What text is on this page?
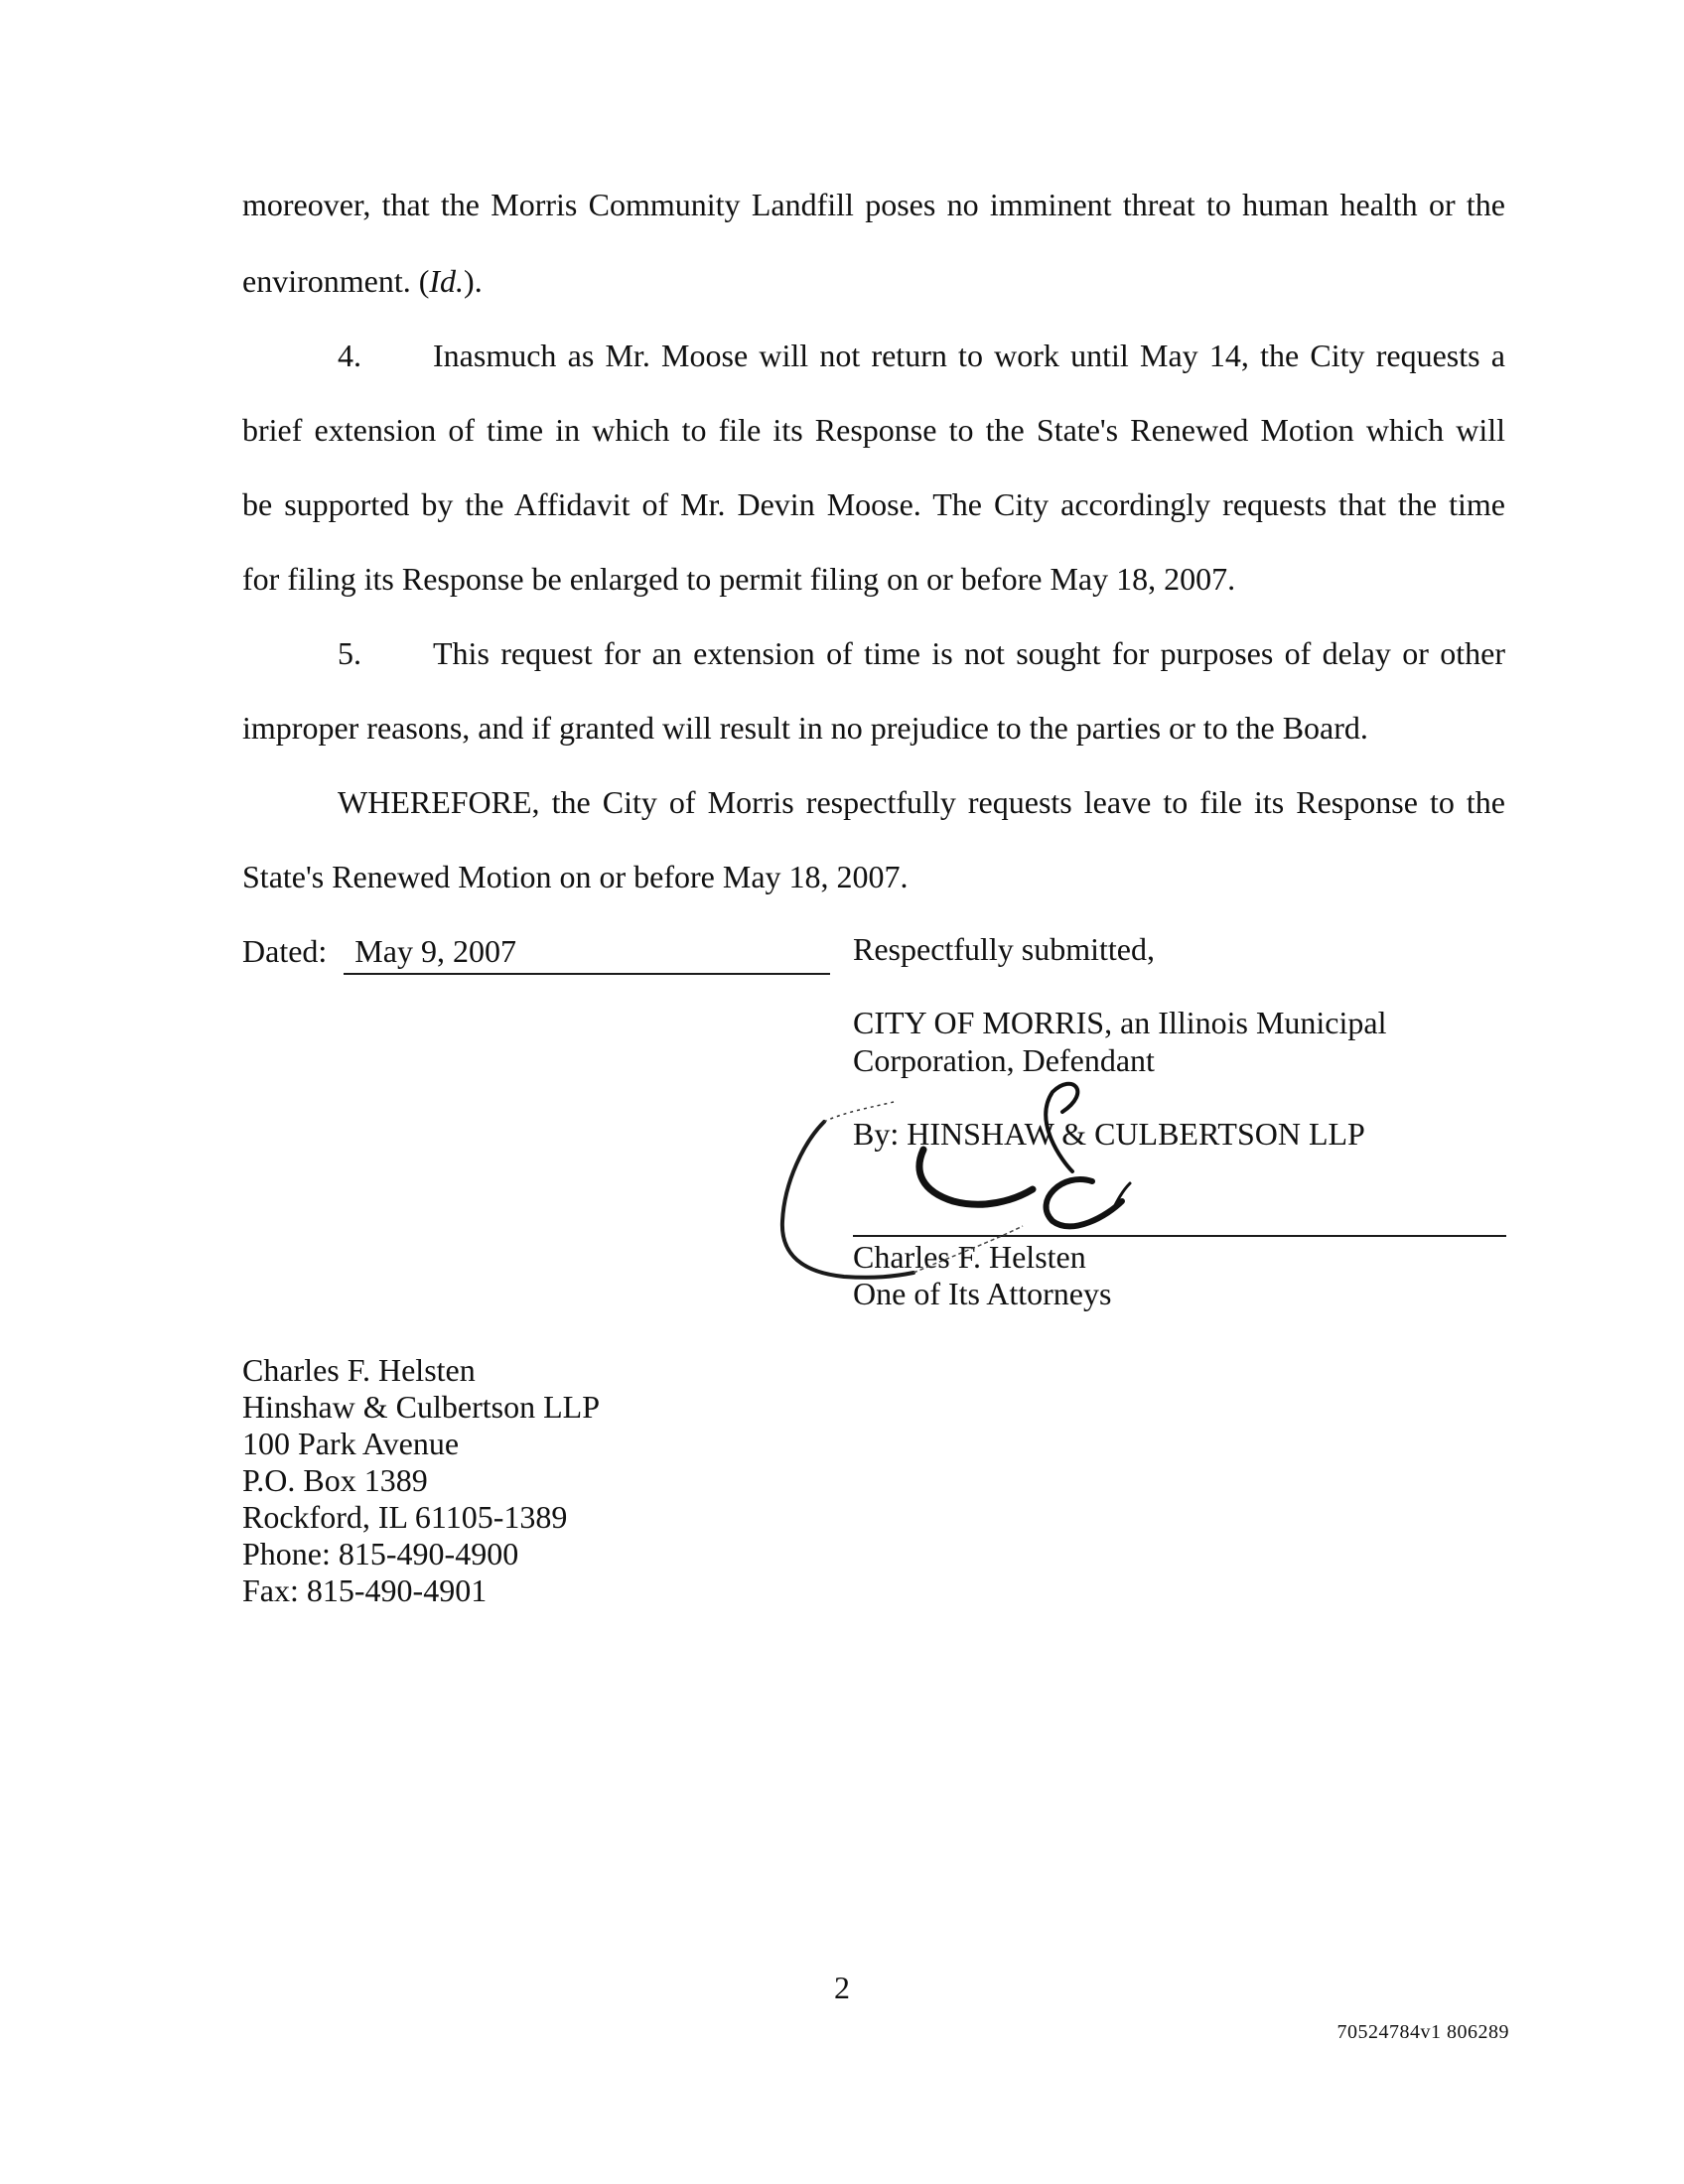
moreover, that the Morris Community Landfill poses no imminent threat to human health or the
environment. (Id.).
4. Inasmuch as Mr. Moose will not return to work until May 14, the City requests a
brief extension of time in which to file its Response to the State's Renewed Motion which will
be supported by the Affidavit of Mr. Devin Moose. The City accordingly requests that the time
for filing its Response be enlarged to permit filing on or before May 18, 2007.
5. This request for an extension of time is not sought for purposes of delay or other
improper reasons, and if granted will result in no prejudice to the parties or to the Board.
WHEREFORE, the City of Morris respectfully requests leave to file its Response to the
State's Renewed Motion on or before May 18, 2007.
Dated: May 9, 2007	Respectfully submitted,
CITY OF MORRIS, an Illinois Municipal
Corporation, Defendant
By: HINSHAW & CULBERTSON LLP
Charles F. Helsten
One of Its Attorneys
Charles F. Helsten
Hinshaw & Culbertson LLP
100 Park Avenue
P.O. Box 1389
Rockford, IL 61105-1389
Phone: 815-490-4900
Fax: 815-490-4901
2
70524784v1 806289
